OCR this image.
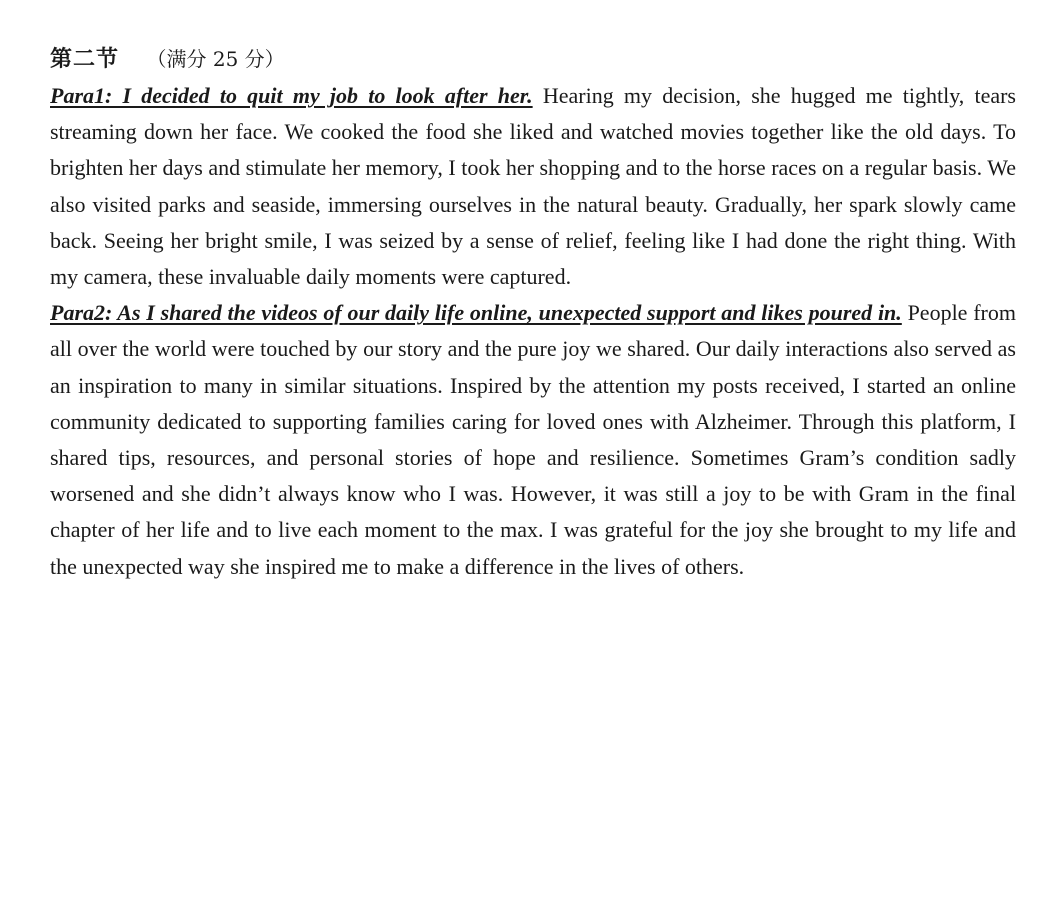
第二节 （满分 25 分）

Para1: I decided to quit my job to look after her. Hearing my decision, she hugged me tightly, tears streaming down her face. We cooked the food she liked and watched movies together like the old days. To brighten her days and stimulate her memory, I took her shopping and to the horse races on a regular basis. We also visited parks and seaside, immersing ourselves in the natural beauty. Gradually, her spark slowly came back. Seeing her bright smile, I was seized by a sense of relief, feeling like I had done the right thing. With my camera, these invaluable daily moments were captured.

Para2: As I shared the videos of our daily life online, unexpected support and likes poured in. People from all over the world were touched by our story and the pure joy we shared. Our daily interactions also served as an inspiration to many in similar situations. Inspired by the attention my posts received, I started an online community dedicated to supporting families caring for loved ones with Alzheimer. Through this platform, I shared tips, resources, and personal stories of hope and resilience. Sometimes Gram’s condition sadly worsened and she didn’t always know who I was. However, it was still a joy to be with Gram in the final chapter of her life and to live each moment to the max. I was grateful for the joy she brought to my life and the unexpected way she inspired me to make a difference in the lives of others.
